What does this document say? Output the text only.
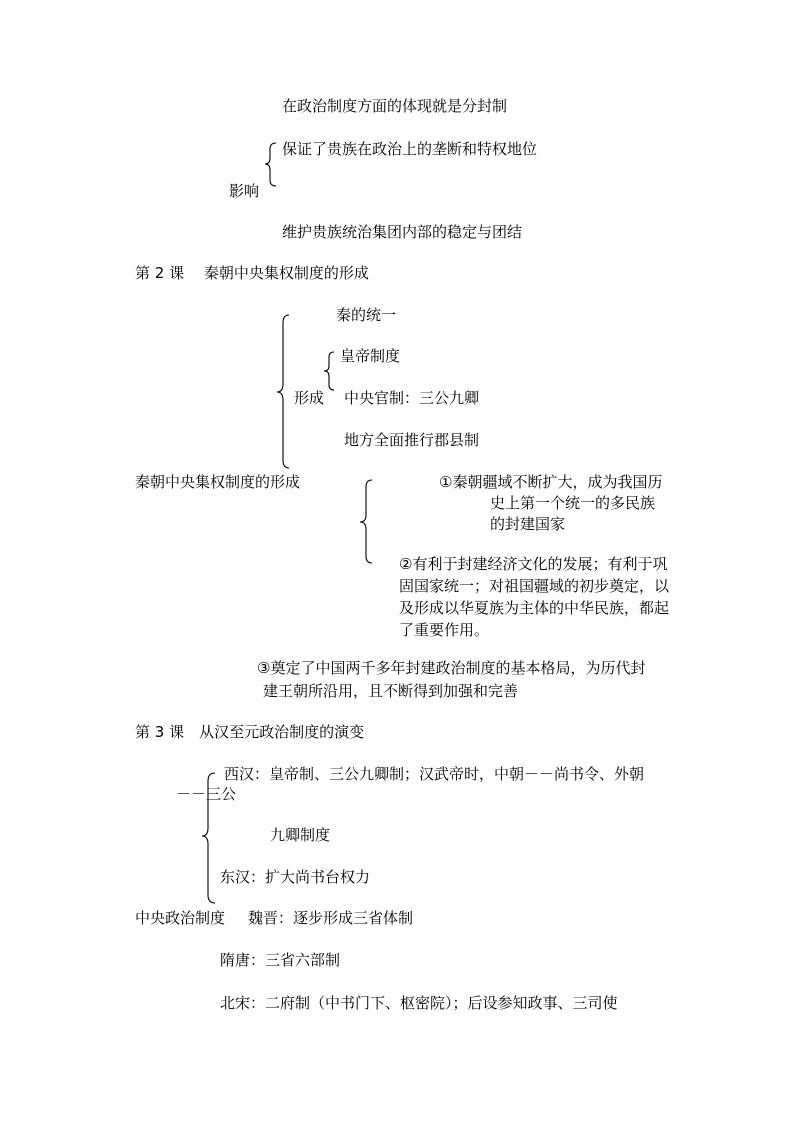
在政治制度方面的体现就是分封制
保证了贵族在政治上的垄断和特权地位
影响
维护贵族统治集团内部的稳定与团结
第 2 课　 秦朝中央集权制度的形成
秦的统一
皇帝制度
形成 中央官制：三公九卿
地方全面推行郡县制
秦朝中央集权制度的形成	①秦朝疆域不断扩大，成为我国历
史上第一个统一的多民族
的封建国家
②有利于封建经济文化的发展；有利于巩固国家统一；对祖国疆域的初步奠定，以及形成以华夏族为主体的中华民族，都起了重要作用。
③奠定了中国两千多年封建政治制度的基本格局，为历代封
建王朝所沿用，且不断得到加强和完善
第 3 课　从汉至元政治制度的演变
西汉：皇帝制、三公九卿制；汉武帝时，中朝－－尚书令、外朝
－－三公
九卿制度
东汉：扩大尚书台权力
中央政治制度 魏晋：逐步形成三省体制
隋唐：三省六部制
北宋：二府制（中书门下、枢密院）；后设参知政事、三司使
